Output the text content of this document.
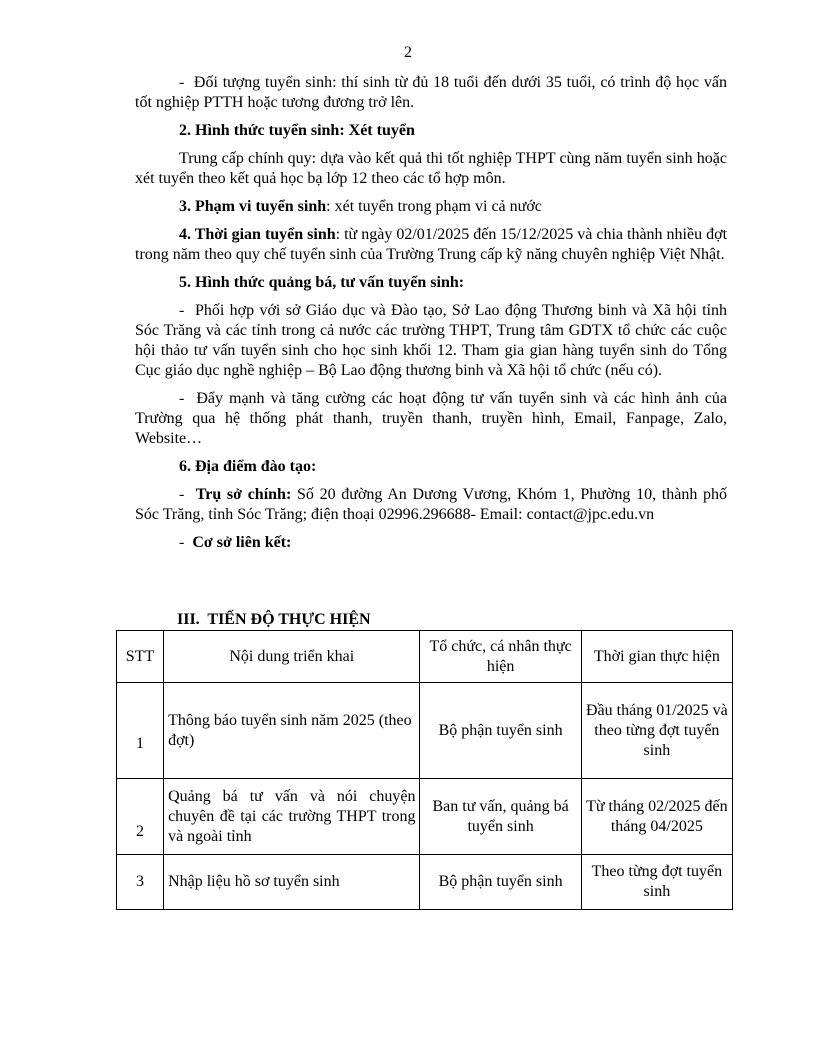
2

- Đối tượng tuyển sinh: thí sinh từ đủ 18 tuổi đến dưới 35 tuổi, có trình độ học vấn tốt nghiệp PTTH hoặc tương đương trở lên.

2. Hình thức tuyển sinh: Xét tuyển

Trung cấp chính quy: dựa vào kết quả thi tốt nghiệp THPT cùng năm tuyển sinh hoặc xét tuyển theo kết quả học bạ lớp 12 theo các tổ hợp môn.

3. Phạm vi tuyển sinh: xét tuyển trong phạm vi cả nước

4. Thời gian tuyển sinh: từ ngày 02/01/2025 đến 15/12/2025 và chia thành nhiều đợt trong năm theo quy chế tuyển sinh của Trường Trung cấp kỹ năng chuyên nghiệp Việt Nhật.

5. Hình thức quảng bá, tư vấn tuyển sinh:

-  Phối hợp với sở Giáo dục và Đào tạo, Sở Lao động Thương binh và Xã hội tỉnh Sóc Trăng và các tỉnh trong cả nước các trường THPT, Trung tâm GDTX tổ chức các cuộc hội thảo tư vấn tuyển sinh cho học sinh khối 12. Tham gia gian hàng tuyển sinh do Tổng Cục giáo dục nghề nghiệp – Bộ Lao động thương binh và Xã hội tổ chức (nếu có).

-  Đẩy mạnh và tăng cường các hoạt động tư vấn tuyển sinh và các hình ảnh của Trường qua hệ thống phát thanh, truyền thanh, truyền hình, Email, Fanpage, Zalo, Website…

6. Địa điểm đào tạo:

-  Trụ sở chính: Số 20 đường An Dương Vương, Khóm 1, Phường 10, thành phố Sóc Trăng, tỉnh Sóc Trăng; điện thoại 02996.296688- Email: contact@jpc.edu.vn

-  Cơ sở liên kết:

III. TIẾN ĐỘ THỰC HIỆN
STT	Nội dung triển khai	Tổ chức, cá nhân thực hiện	Thời gian thực hiện
1	Thông báo tuyển sinh năm 2025 (theo đợt)	Bộ phận tuyển sinh	Đầu tháng 01/2025 và theo từng đợt tuyển sinh
2	Quảng bá tư vấn và nói chuyện chuyên đề tại các trường THPT trong và ngoài tỉnh	Ban tư vấn, quảng bá tuyển sinh	Từ tháng 02/2025 đến tháng 04/2025
3	Nhập liệu hồ sơ tuyển sinh	Bộ phận tuyển sinh	Theo từng đợt tuyển sinh
